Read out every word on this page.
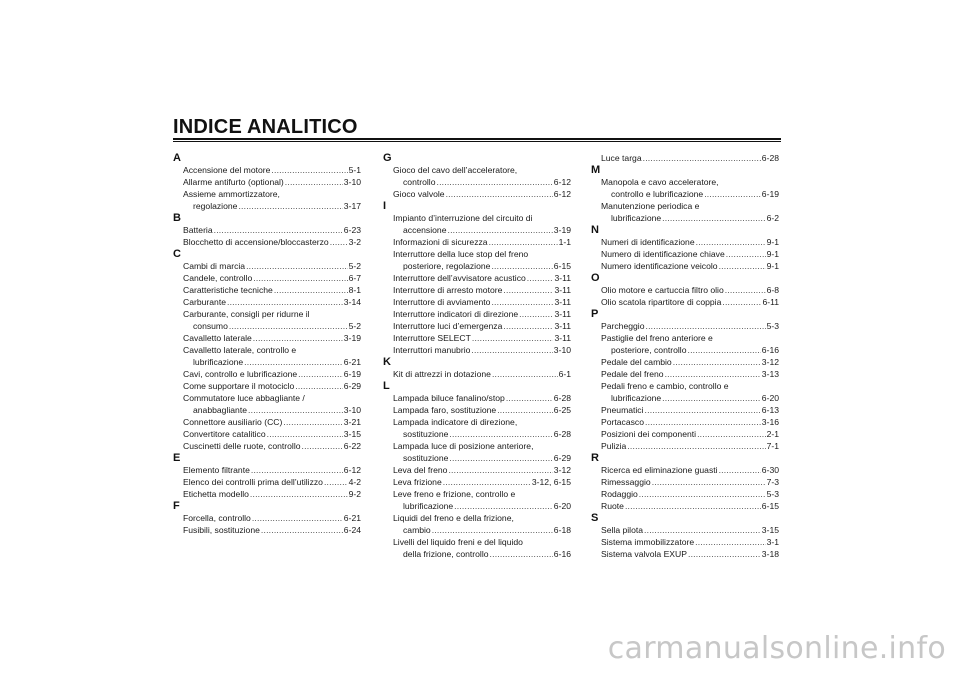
INDICE ANALITICO
A
Accensione del motore .....	5-1
Allarme antifurto (optional) .....	3-10
Assieme ammortizzatore,
regolazione .....	3-17
B
Batteria .....	6-23
Blocchetto di accensione/bloccasterzo ..... 3-2
C
Cambi di marcia .....	5-2
Candele, controllo .....	6-7
Caratteristiche tecniche .....	8-1
Carburante .....	3-14
Carburante, consigli per ridurne il
consumo .....	5-2
Cavalletto laterale .....	3-19
Cavalletto laterale, controllo e
lubrificazione .....	6-21
Cavi, controllo e lubrificazione .....	6-19
Come supportare il motociclo .....	6-29
Commutatore luce abbagliante /
anabbagliante .....	3-10
Connettore ausiliario (CC) .....	3-21
Convertitore catalitico .....	3-15
Cuscinetti delle ruote, controllo .....	6-22
E
Elemento filtrante .....	6-12
Elenco dei controlli prima dell’utilizzo .....	4-2
Etichetta modello .....	9-2
F
Forcella, controllo .....	6-21
Fusibili, sostituzione .....	6-24
G
Gioco del cavo dell’acceleratore,
controllo .....	6-12
Gioco valvole .....	6-12
I
Impianto d’interruzione del circuito di
accensione .....	3-19
Informazioni di sicurezza .....	1-1
Interruttore della luce stop del freno
posteriore, regolazione .....	6-15
Interruttore dell’avvisatore acustico .....	3-11
Interruttore di arresto motore .....	3-11
Interruttore di avviamento .....	3-11
Interruttore indicatori di direzione .....	3-11
Interruttore luci d’emergenza .....	3-11
Interruttore SELECT .....	3-11
Interruttori manubrio .....	3-10
K
Kit di attrezzi in dotazione .....	6-1
L
Lampada biluce fanalino/stop .....	6-28
Lampada faro, sostituzione .....	6-25
Lampada indicatore di direzione,
sostituzione .....	6-28
Lampada luce di posizione anteriore,
sostituzione .....	6-29
Leva del freno .....	3-12
Leva frizione .....	3-12, 6-15
Leve freno e frizione, controllo e
lubrificazione .....	6-20
Liquidi del freno e della frizione,
cambio .....	6-18
Livelli del liquido freni e del liquido
della frizione, controllo .....	6-16
Luce targa .....	6-28
M
Manopola e cavo acceleratore,
controllo e lubrificazione .....	6-19
Manutenzione periodica e
lubrificazione .....	6-2
N
Numeri di identificazione .....	9-1
Numero di identificazione chiave .....	9-1
Numero identificazione veicolo .....	9-1
O
Olio motore e cartuccia filtro olio .....	6-8
Olio scatola ripartitore di coppia .....	6-11
P
Parcheggio .....	5-3
Pastiglie del freno anteriore e
posteriore, controllo .....	6-16
Pedale del cambio .....	3-12
Pedale del freno .....	3-13
Pedali freno e cambio, controllo e
lubrificazione .....	6-20
Pneumatici .....	6-13
Portacasco .....	3-16
Posizioni dei componenti .....	2-1
Pulizia .....	7-1
R
Ricerca ed eliminazione guasti .....	6-30
Rimessaggio .....	7-3
Rodaggio .....	5-3
Ruote .....	6-15
S
Sella pilota .....	3-15
Sistema immobilizzatore .....	3-1
Sistema valvola EXUP .....	3-18
carmanualsonline.info
